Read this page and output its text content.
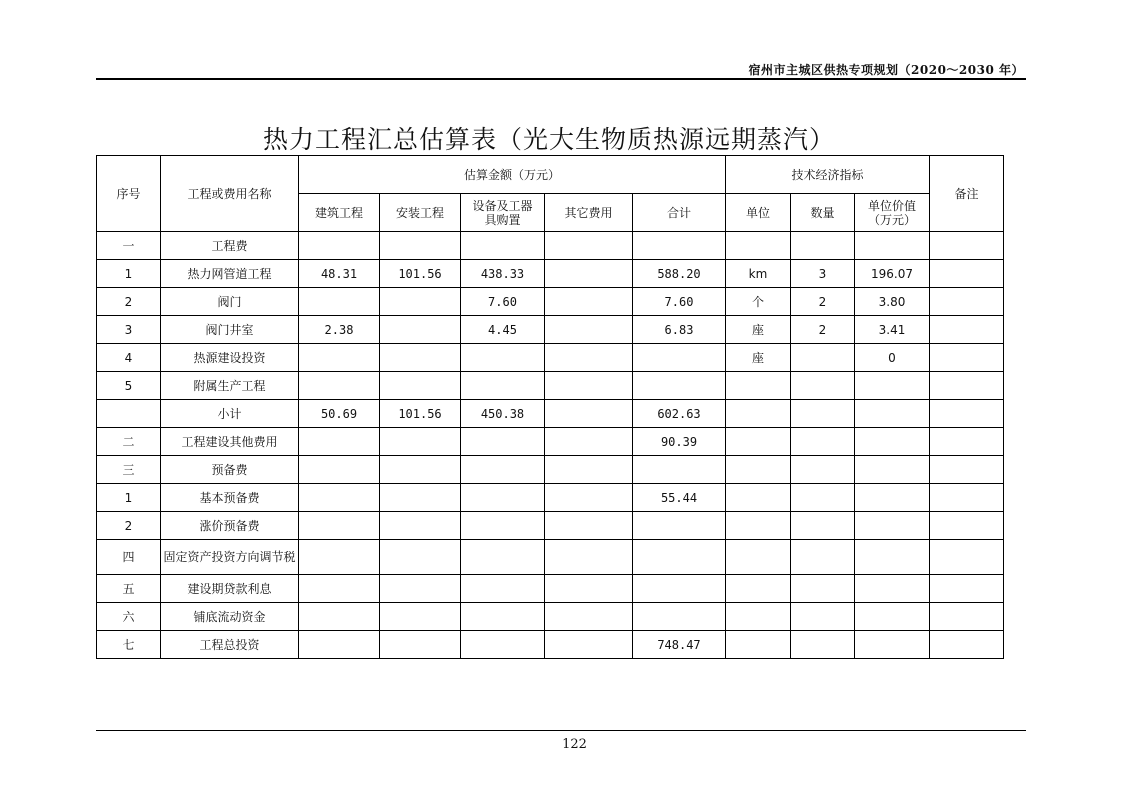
宿州市主城区供热专项规划（2020～2030 年）
热力工程汇总估算表（光大生物质热源远期蒸汽）
序号	工程或费用名称	估算金额（万元）					技术经济指标			备注
		建筑工程	安装工程	设备及工器具购置	其它费用	合计	单位	数量	单位价值（万元）	
一	工程费									
1	热力网管道工程	48.31	101.56	438.33		588.20	km	3	196.07	
2	阀门			7.60		7.60	个	2	3.80	
3	阀门井室	2.38		4.45		6.83	座	2	3.41	
4	热源建设投资						座		0	
5	附属生产工程									
	小计	50.69	101.56	450.38		602.63				
二	工程建设其他费用					90.39				
三	预备费									
1	基本预备费					55.44				
2	涨价预备费									
四	固定资产投资方向调节税									
五	建设期贷款利息									
六	铺底流动资金									
七	工程总投资					748.47				
122
